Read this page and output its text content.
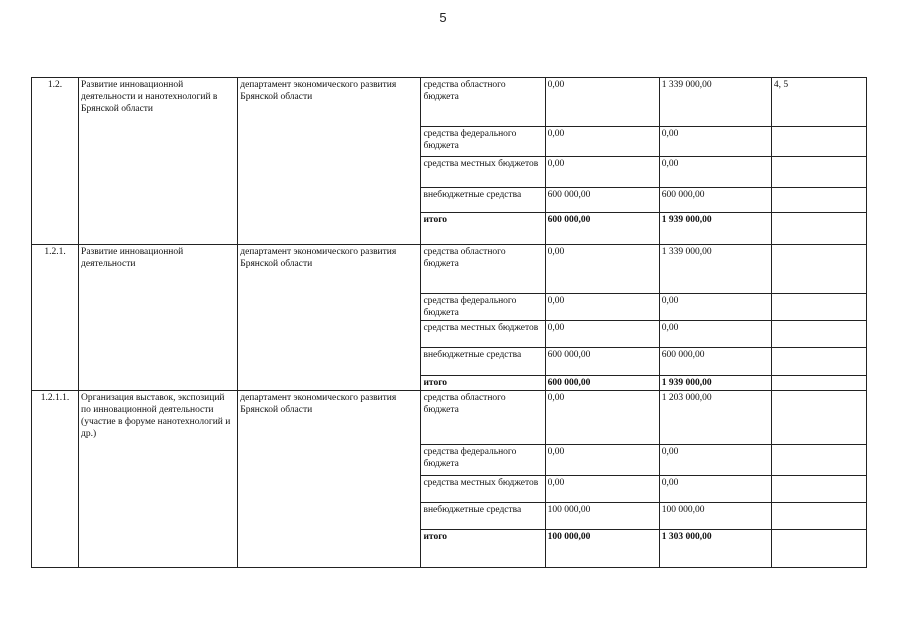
5
1.2.	Развитие инновационной деятельности и нанотехнологий в Брянской области	департамент экономического развития Брянской области	средства областного бюджета	0,00	1 339 000,00	4, 5
			средства федерального бюджета	0,00	0,00	
			средства местных бюджетов	0,00	0,00	
			внебюджетные средства	600 000,00	600 000,00	
			итого	600 000,00	1 939 000,00	
1.2.1.	Развитие инновационной деятельности	департамент экономического развития Брянской области	средства областного бюджета	0,00	1 339 000,00	
			средства федерального бюджета	0,00	0,00	
			средства местных бюджетов	0,00	0,00	
			внебюджетные средства	600 000,00	600 000,00	
			итого	600 000,00	1 939 000,00	
1.2.1.1.	Организация выставок, экспозиций по инновационной деятельности (участие в форуме нанотехнологий и др.)	департамент экономического развития Брянской области	средства областного бюджета	0,00	1 203 000,00	
			средства федерального бюджета	0,00	0,00	
			средства местных бюджетов	0,00	0,00	
			внебюджетные средства	100 000,00	100 000,00	
			итого	100 000,00	1 303 000,00	
